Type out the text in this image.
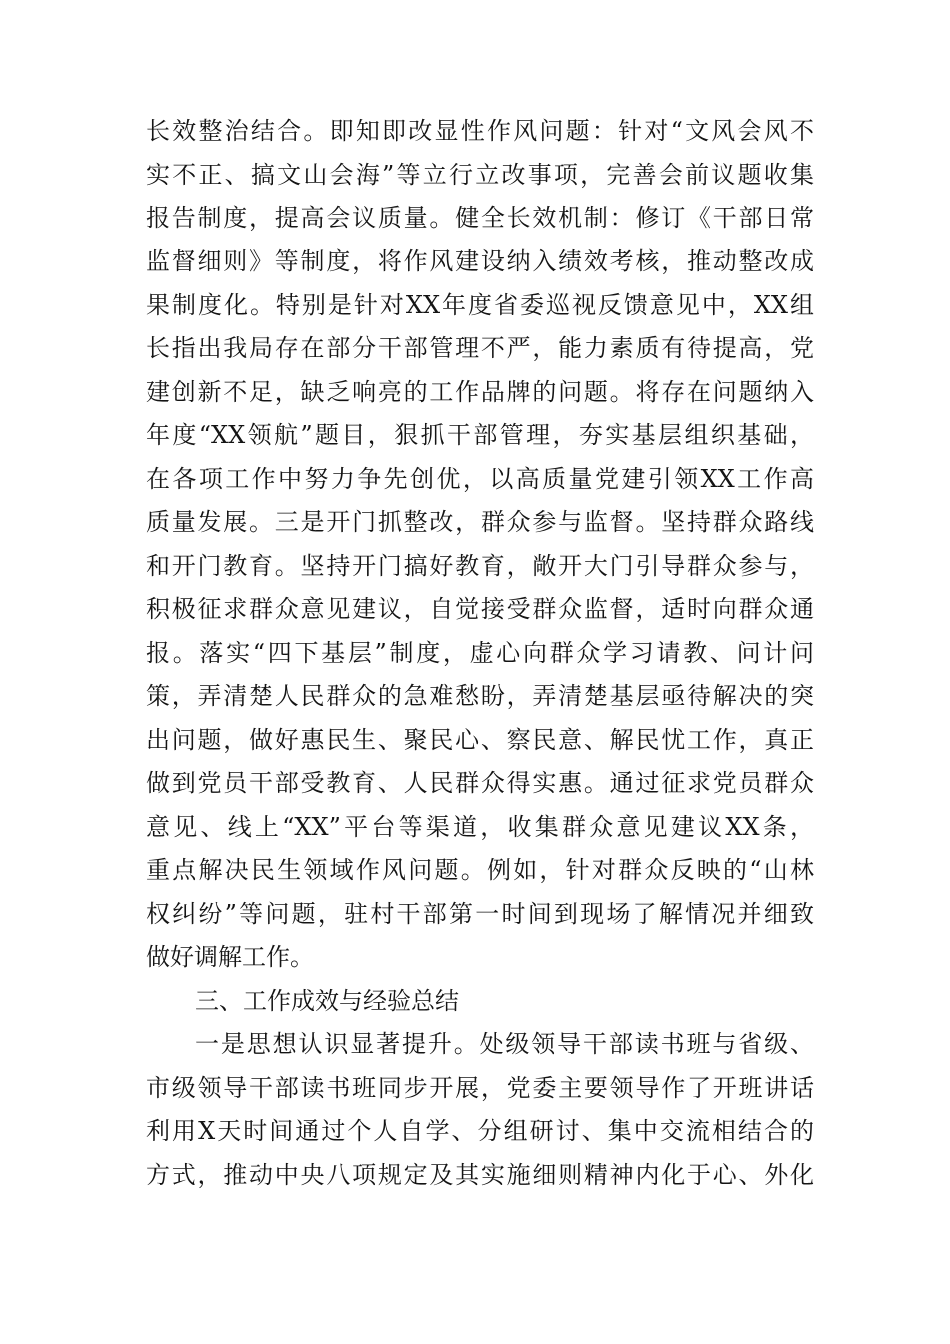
长效整治结合。即知即改显性作风问题：针对“文风会风不
实不正、搞文山会海”等立行立改事项，完善会前议题收集
报告制度，提高会议质量。健全长效机制：修订《干部日常
监督细则》等制度，将作风建设纳入绩效考核，推动整改成
果制度化。特别是针对XX年度省委巡视反馈意见中，XX组
长指出我局存在部分干部管理不严，能力素质有待提高，党
建创新不足，缺乏响亮的工作品牌的问题。将存在问题纳入
年度“XX领航”题目，狠抓干部管理，夯实基层组织基础，
在各项工作中努力争先创优，以高质量党建引领XX工作高
质量发展。三是开门抓整改，群众参与监督。坚持群众路线
和开门教育。坚持开门搞好教育，敞开大门引导群众参与，
积极征求群众意见建议，自觉接受群众监督，适时向群众通
报。落实“四下基层”制度，虚心向群众学习请教、问计问
策，弄清楚人民群众的急难愁盼，弄清楚基层亟待解决的突
出问题，做好惠民生、聚民心、察民意、解民忧工作，真正
做到党员干部受教育、人民群众得实惠。通过征求党员群众
意见、线上“XX”平台等渠道，收集群众意见建议XX条，
重点解决民生领域作风问题。例如，针对群众反映的“山林
权纠纷”等问题，驻村干部第一时间到现场了解情况并细致
做好调解工作。
三、工作成效与经验总结
一是思想认识显著提升。处级领导干部读书班与省级、
市级领导干部读书班同步开展，党委主要领导作了开班讲话
利用X天时间通过个人自学、分组研讨、集中交流相结合的
方式，推动中央八项规定及其实施细则精神内化于心、外化
